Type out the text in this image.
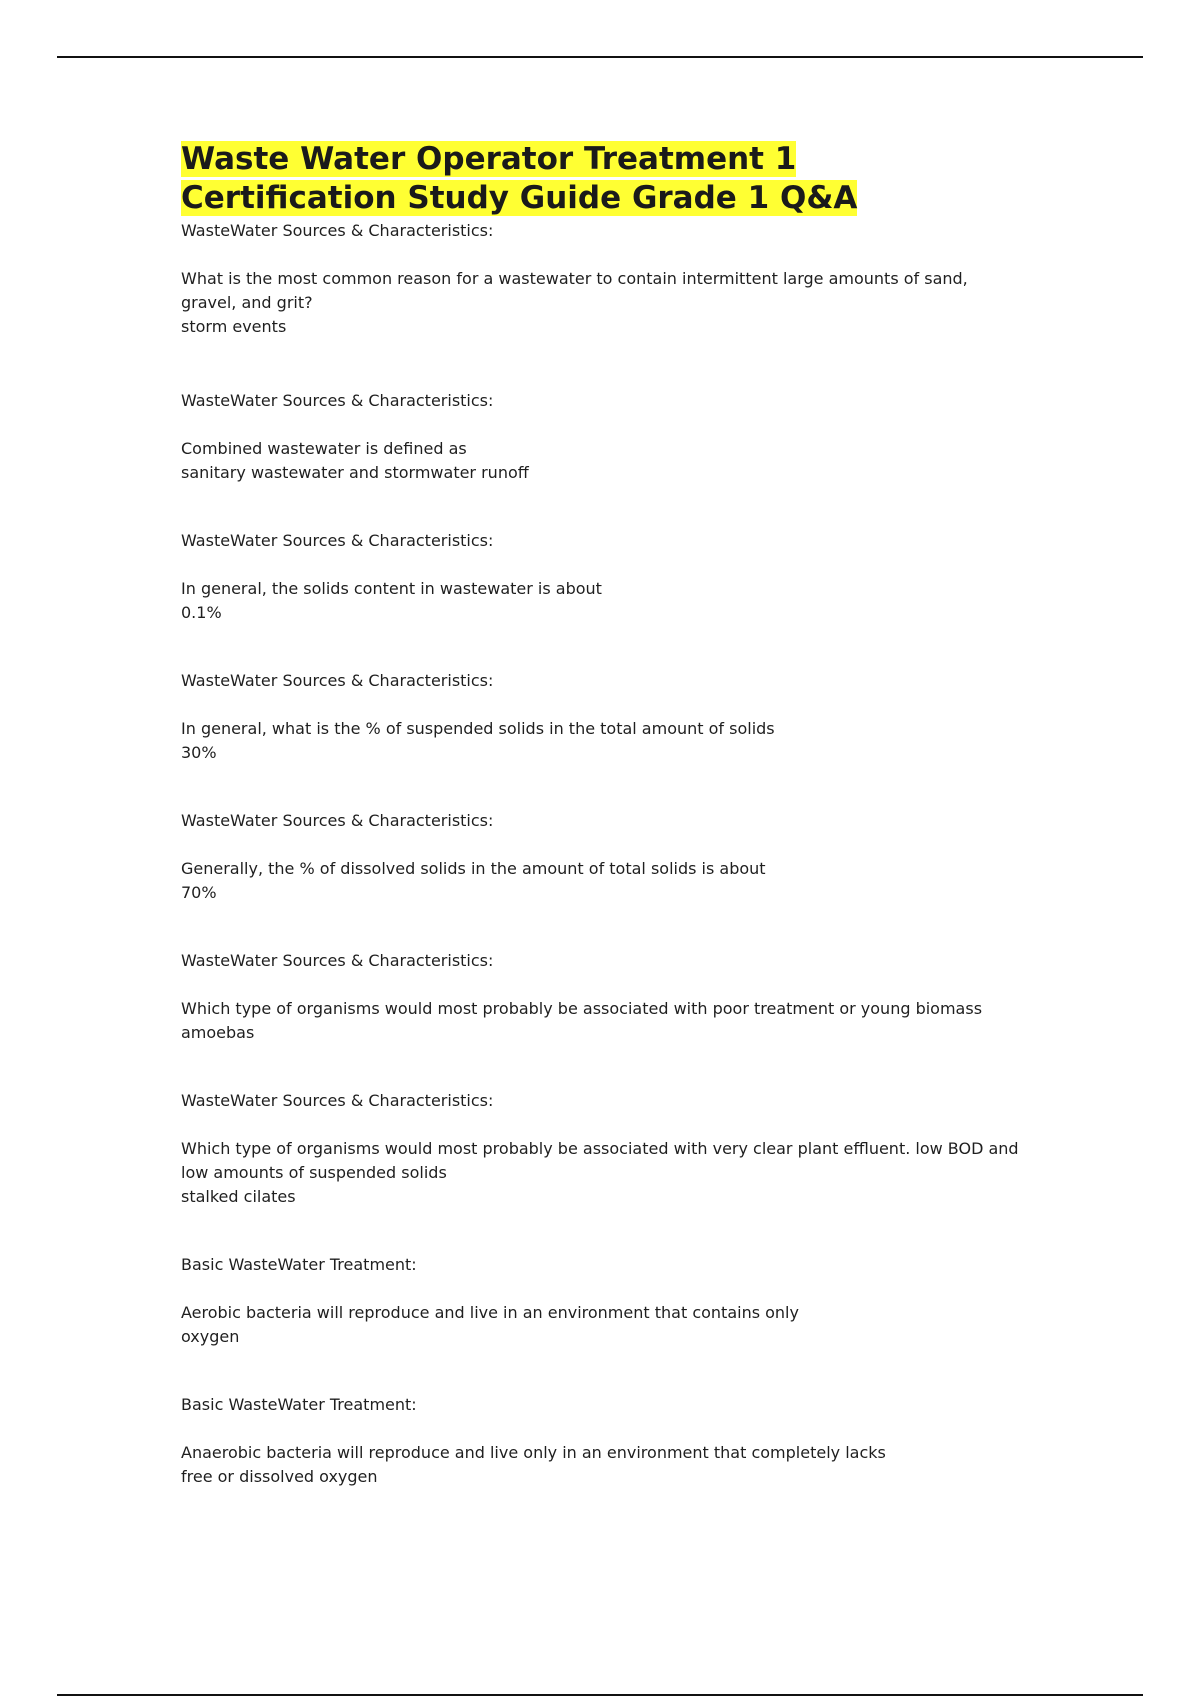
Waste Water Operator Treatment 1
Certification Study Guide Grade 1 Q&A
WasteWater Sources & Characteristics:
What is the most common reason for a wastewater to contain intermittent large amounts of sand, gravel, and grit?
storm events
WasteWater Sources & Characteristics:
Combined wastewater is defined as
sanitary wastewater and stormwater runoff
WasteWater Sources & Characteristics:
In general, the solids content in wastewater is about
0.1%
WasteWater Sources & Characteristics:
In general, what is the % of suspended solids in the total amount of solids
30%
WasteWater Sources & Characteristics:
Generally, the % of dissolved solids in the amount of total solids is about
70%
WasteWater Sources & Characteristics:
Which type of organisms would most probably be associated with poor treatment or young biomass
amoebas
WasteWater Sources & Characteristics:
Which type of organisms would most probably be associated with very clear plant effluent. low BOD and low amounts of suspended solids
stalked cilates
Basic WasteWater Treatment:
Aerobic bacteria will reproduce and live in an environment that contains only
oxygen
Basic WasteWater Treatment:
Anaerobic bacteria will reproduce and live only in an environment that completely lacks
free or dissolved oxygen
